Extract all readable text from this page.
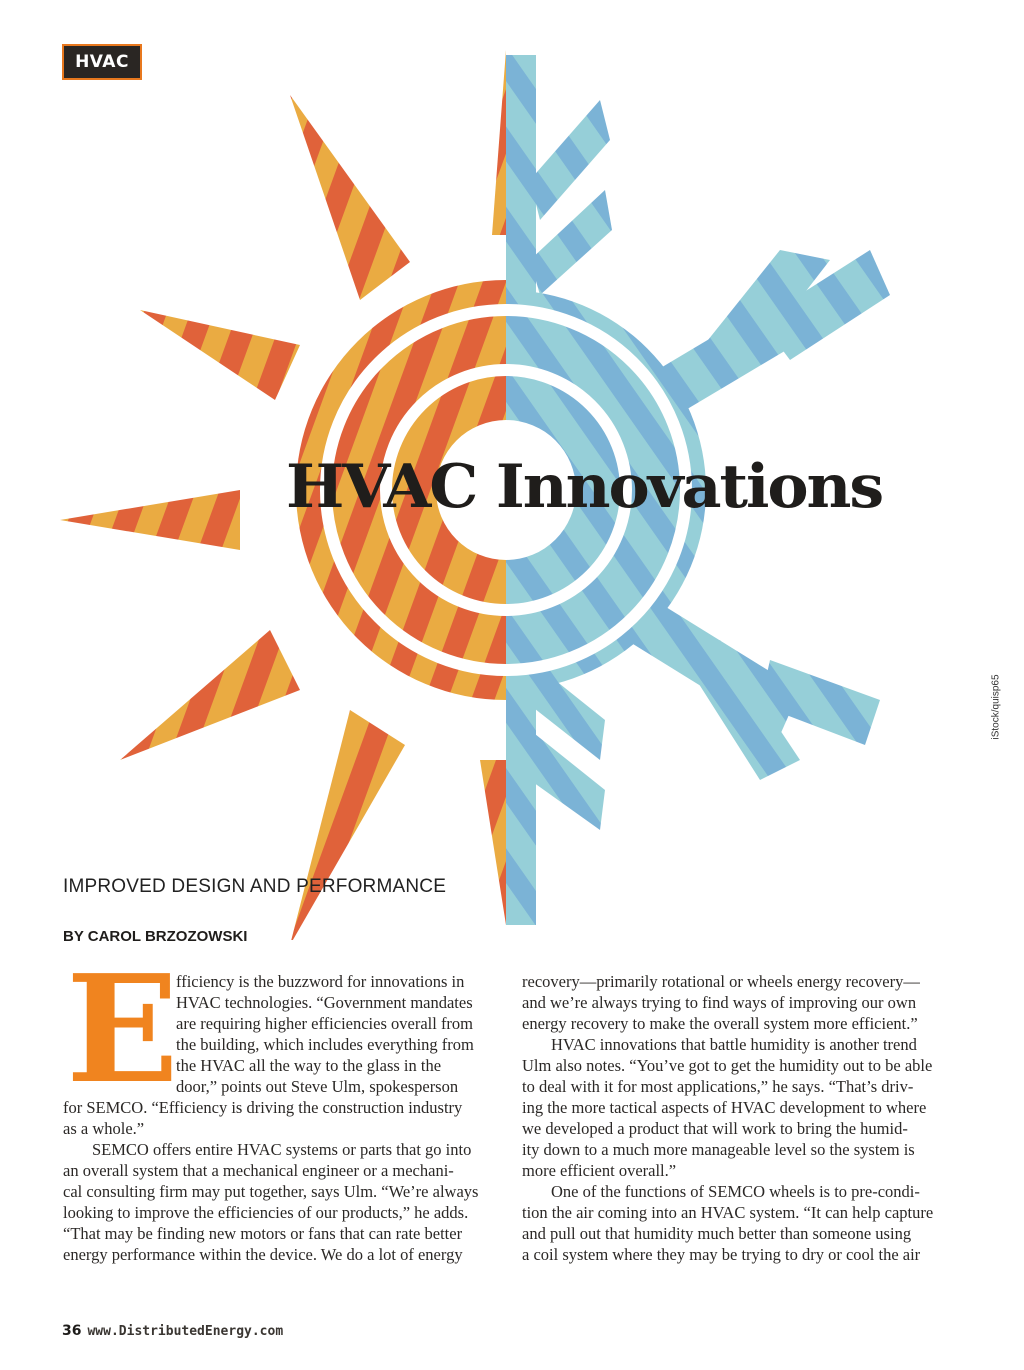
HVAC
iStock/quisp65
HVAC Innovations
IMPROVED DESIGN AND PERFORMANCE
BY CAROL BRZOZOWSKI
E
fficiency is the buzzword for innovations in
HVAC technologies. “Government mandates
are requiring higher efficiencies overall from
the building, which includes everything from
the HVAC all the way to the glass in the
door,” points out Steve Ulm, spokesperson
for SEMCO. “Efficiency is driving the construction industry
as a whole.”
SEMCO offers entire HVAC systems or parts that go into
an overall system that a mechanical engineer or a mechani-
cal consulting firm may put together, says Ulm. “We’re always
looking to improve the efficiencies of our products,” he adds.
“That may be finding new motors or fans that can rate better
energy performance within the device. We do a lot of energy
recovery—primarily rotational or wheels energy recovery—
and we’re always trying to find ways of improving our own
energy recovery to make the overall system more efficient.”
HVAC innovations that battle humidity is another trend
Ulm also notes. “You’ve got to get the humidity out to be able
to deal with it for most applications,” he says. “That’s driv-
ing the more tactical aspects of HVAC development to where
we developed a product that will work to bring the humid-
ity down to a much more manageable level so the system is
more efficient overall.”
One of the functions of SEMCO wheels is to pre-condi-
tion the air coming into an HVAC system. “It can help capture
and pull out that humidity much better than someone using
a coil system where they may be trying to dry or cool the air
36 www.DistributedEnergy.com
